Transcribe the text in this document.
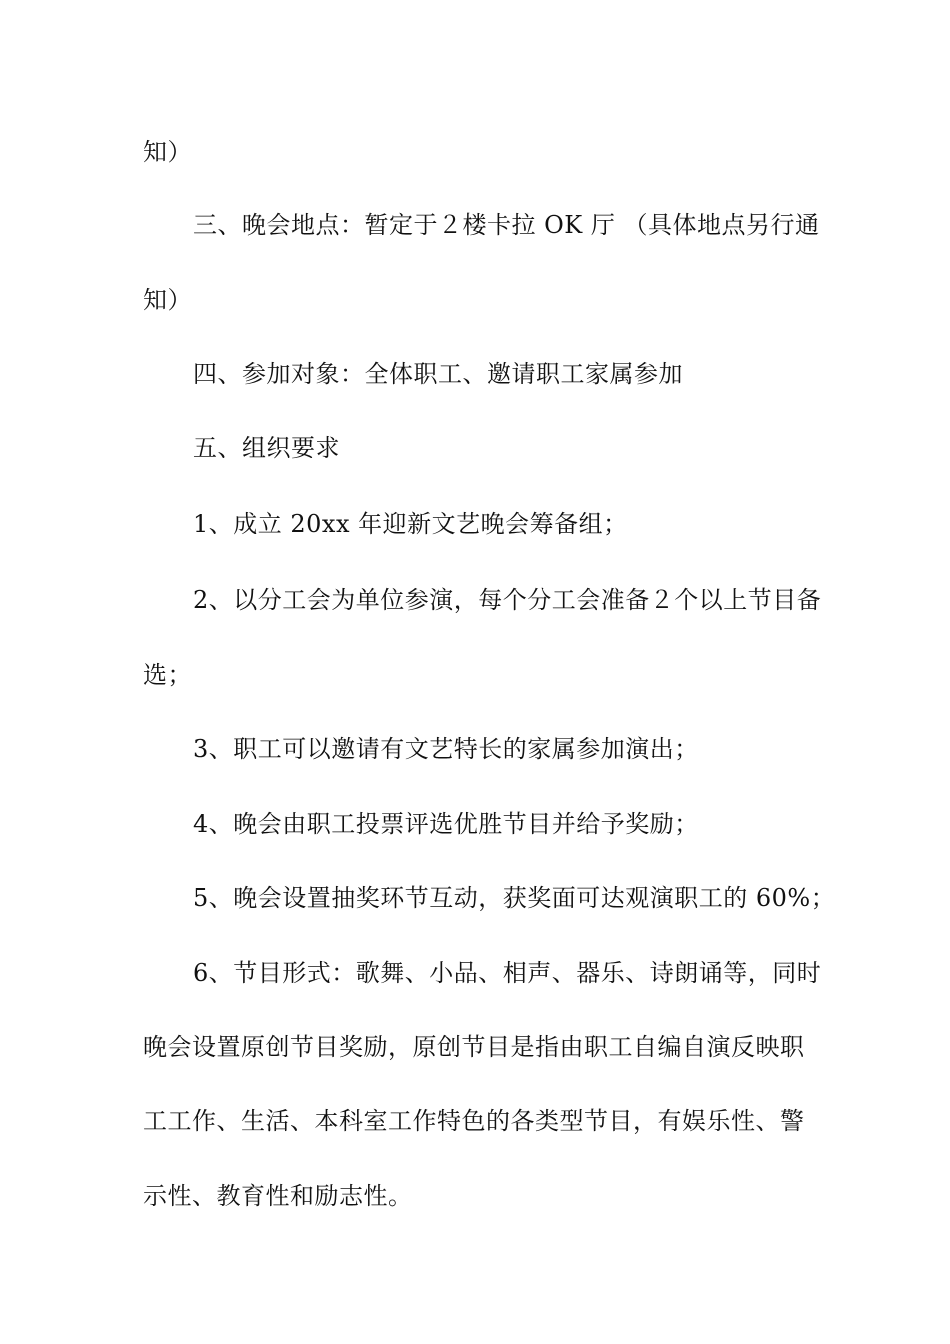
知）
三、晚会地点：暂定于２楼卡拉 OK 厅 （具体地点另行通
知）
四、参加对象：全体职工、邀请职工家属参加
五、组织要求
1、成立 20xx 年迎新文艺晚会筹备组；
2、以分工会为单位参演，每个分工会准备２个以上节目备
选；
3、职工可以邀请有文艺特长的家属参加演出；
4、晚会由职工投票评选优胜节目并给予奖励；
5、晚会设置抽奖环节互动，获奖面可达观演职工的 60%；
6、节目形式：歌舞、小品、相声、器乐、诗朗诵等，同时
晚会设置原创节目奖励，原创节目是指由职工自编自演反映职
工工作、生活、本科室工作特色的各类型节目，有娱乐性、警
示性、教育性和励志性。
